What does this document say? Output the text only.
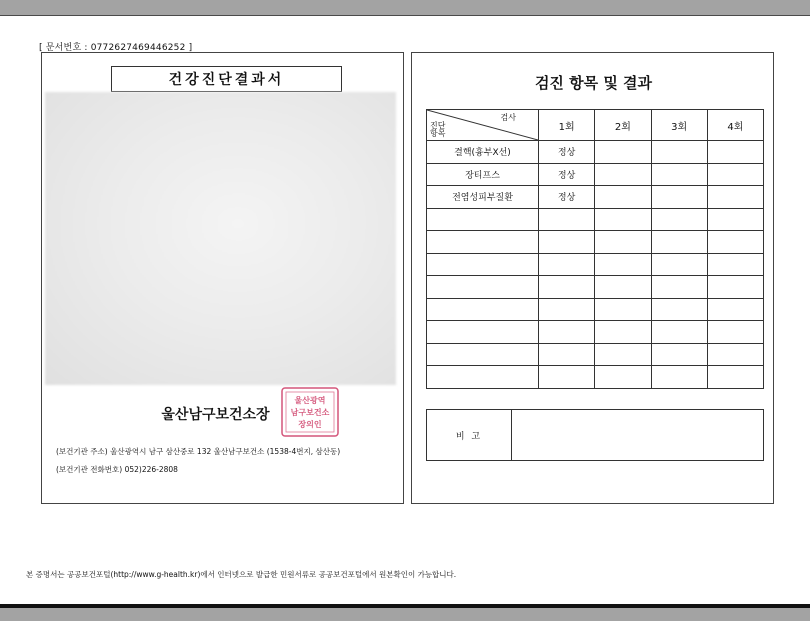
[ 문서번호 : 0772627469446252 ]
건강진단결과서
울산남구보건소장
울산광역
남구보건소
장의인
(보건기관 주소) 울산광역시 남구 삼산중로 132 울산남구보건소 (1538-4번지, 삼산동)
(보건기관 전화번호) 052)226-2808
검진 항목 및 결과
검사
진단
항목	1회	2회	3회	4회
결핵(흉부X선)	정상			
장티프스	정상			
전염성피부질환	정상			

비 고
본 증명서는 공공보건포털(http://www.g-health.kr)에서 인터넷으로 발급한 민원서류로 공공보건포털에서 원본확인이 가능합니다.
